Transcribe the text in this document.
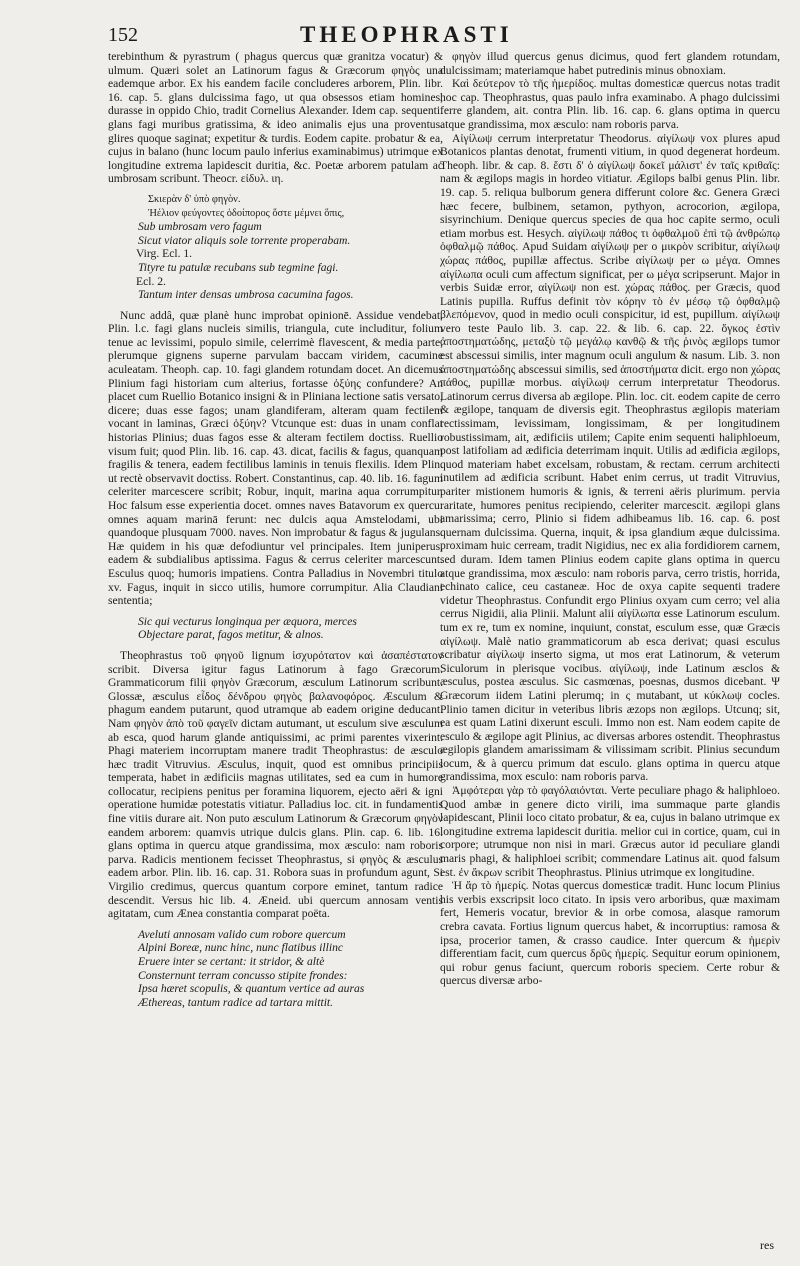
152	THEOPHRASTI

terebinthum & pyrastrum ( phagus quercus quæ granitza vocatur) & ulmum. Quæri solet an Latinorum fagus & Græcorum φηγὸς una eademque arbor. Ex his eandem facile concluderes arborem, Plin. libr. 16. cap. 5. glans dulcissima fago, ut qua obsessos etiam homines, durasse in oppido Chio, tradit Cornelius Alexander. Idem cap. sequenti. glans fagi muribus gratissima, & ideo animalis ejus una proventus. glires quoque saginat; expetitur & turdis. Eodem capite. probatur & ea, cujus in balano (hunc locum paulo inferius examinabimus) utrimque ex longitudine extrema lapidescit duritia, &c. Poetæ arborem patulam ac umbrosam scribunt. Theocr. εἰδυλ. ιη.

Σκιερὰν δ' ὑπὸ φηγὸν.

Ἠέλιον φεύγοντες ὁδοίπορος ὅστε μέμνει ὅπις,

Sub umbrosam vero fagum

Sicut viator aliquis sole torrente properabam.

Virg. Ecl. 1.

Tityre tu patulæ recubans sub tegmine fagi.

Ecl. 2.

Tantum inter densas umbrosa cacumina fagos.

Nunc addâ, quæ planè hunc improbat opinionē. Assidue vendebat. Plin. l.c. fagi glans nucleis similis, triangula, cute includitur, folium tenue ac levissimi, populo simile, celerrimè flavescent, & media parte, plerumque gignens superne parvulam baccam viridem, cacumine aculeatam. Theoph. cap. 10. fagi glandem rotundam docet. An dicemus Plinium fagi historiam cum alterius, fortasse ὀξύης confundere? An placet cum Ruellio Botanico insigni & in Pliniana lectione satis versato, dicere; duas esse fagos; unam glandiferam, alteram quam fectilem vocant in laminas, Græci ὀξύην? Vtcunque est: duas in unam conflat historias Plinius; duas fagos esse & alteram fectilem doctiss. Ruellio visum fuit; quod Plin. lib. 16. cap. 43. dicat, facilis & fagus, quanquam fragilis & tenera, eadem fectilibus laminis in tenuis flexilis. Idem Plin. ut rectè observavit doctiss. Robert. Constantinus, cap. 40. lib. 16. fagum celeriter marcescere scribit; Robur, inquit, marina aqua corrumpitur. Hoc falsum esse experientia docet. omnes naves Batavorum ex quercu: omnes aquam marinā ferunt: nec dulcis aqua Amstelodami, ubi quandoque plusquam 7000. naves. Non improbatur & fagus & jugulans. Hæ quidem in his quæ defodiuntur vel principales. Item juniperus, eadem & subdialibus aptissima. Fagus & cerrus celeriter marcescunt. Esculus quoq; humoris impatiens. Contra Palladius in Novembri titulo xv. Fagus, inquit in sicco utilis, humore corrumpitur. Alia Claudiani sententia;

Sic qui vecturus longinqua per æquora, merces

Objectare parat, fagos metitur, & alnos.

Theophrastus τοῦ φηγοῦ lignum ἰσχυρότατον καὶ ἀσαπέστατον scribit. Diversa igitur fagus Latinorum à fago Græcorum. Grammaticorum filii φηγὸν Græcorum, æsculum Latinorum scribunt. Glossæ, æsculus εἶδος δένδρου φηγὸς βαλανοφόρος. Æsculum & phagum eandem putarunt, quod utramque ab eadem origine deducant. Nam φηγὸν ἀπὸ τοῦ φαγεῖν dictam autumant, ut esculum sive æsculum ab esca, quod harum glande antiquissimi, ac primi parentes vixerint. Phagi materiem incorruptam manere tradit Theophrastus: de æsculo hæc tradit Vitruvius. Æsculus, inquit, quod est omnibus principiis temperata, habet in ædificiis magnas utilitates, sed ea cum in humore collocatur, recipiens penitus per foramina liquorem, ejecto aëri & igni operatione humidæ potestatis vitiatur. Palladius loc. cit. in fundamentis fine vitiis durare ait. Non puto æsculum Latinorum & Græcorum φηγὸν eandem arborem: quamvis utrique dulcis glans. Plin. cap. 6. lib. 16. glans optima in quercu atque grandissima, mox æsculo: nam roboris parva. Radicis mentionem fecisset Theophrastus, si φηγὸς & æsculus eadem arbor. Plin. lib. 16. cap. 31. Robora suas in profundum agunt, Si Virgilio credimus, quercus quantum corpore eminet, tantum radice descendit. Versus hic lib. 4. Æneid. ubi quercum annosam ventis agitatam, cum Ænea constantia comparat poëta.

Aveluti annosam valido cum robore quercum

Alpini Boreæ, nunc hinc, nunc flatibus illinc

Eruere inter se certant: it stridor, & altè

Consternunt terram concusso stipite frondes:

Ipsa hæret scopulis, & quantum vertice ad auras

Æthereas, tantum radice ad tartara mittit.

φηγὸν illud quercus genus dicimus, quod fert glandem rotundam, dulcissimam; materiamque habet putredinis minus obnoxiam.

Καὶ δεύτερον τὸ τῆς ἡμερίδος. multas domesticæ quercus notas tradit hoc cap. Theophrastus, quas paulo infra examinabo. A phago dulcissimi ferre glandem, ait. contra Plin. lib. 16. cap. 6. glans optima in quercu atque grandissima, mox æsculo: nam roboris parva.

Αἰγίλωψ cerrum interpretatur Theodorus. αἰγίλωψ vox plures apud Botanicos plantas denotat, frumenti vitium, in quod degenerat hordeum. Theoph. libr. & cap. 8. ἔστι δ' ὁ αἰγίλωψ δοκεῖ μάλιστ' ἐν ταῖς κριθαῖς: nam & ægilops magis in hordeo vitiatur. Ægilops balbi genus Plin. libr. 19. cap. 5. reliqua bulborum genera differunt colore &c. Genera Græci hæc fecere, bulbinem, setamon, pythyon, acrocorion, ægilopa, sisyrinchium. Denique quercus species de qua hoc capite sermo, oculi etiam morbus est. Hesych. αἰγίλωψ πάθος τι ὀφθαλμοῦ ἐπὶ τῷ ἀνθρώπῳ ὀφθαλμῷ πάθος. Apud Suidam αἰγίλωψ per ο μικρὸν scribitur, αἰγίλωψ χώρας πάθος, pupillæ affectus. Scribe αἰγίλωψ per ω μέγα. Omnes αἰγίλωπα oculi cum affectum significat, per ω μέγα scripserunt. Major in verbis Suidæ error, αἰγίλωψ non est. χώρας πάθος. per Græcis, quod Latinis pupilla. Ruffus definit τὸν κόρην τὸ ἐν μέσῳ τῷ ὀφθαλμῷ βλεπόμενον, quod in medio oculi conspicitur, id est, pupillum. αἰγίλωψ vero teste Paulo lib. 3. cap. 22. & lib. 6. cap. 22. ὄγκος ἐστὶν ἀποστηματώδης, μεταξὺ τῷ μεγάλῳ κανθῷ & τῆς ῥινὸς ægilops tumor est abscessui similis, inter magnum oculi angulum & nasum. Lib. 3. non ἀποστηματώδης abscessui similis, sed ἀποστήματα dicit. ergo non χώρας πάθος, pupillæ morbus. αἰγίλωψ cerrum interpretatur Theodorus. Latinorum cerrus diversa ab ægilope. Plin. loc. cit. eodem capite de cerro & ægilope, tanquam de diversis egit. Theophrastus ægilopis materiam rectissimam, levissimam, longissimam, & per longitudinem robustissimam, ait, ædificiis utilem; Capite enim sequenti haliphloeum, post latifoliam ad ædificia deterrimam inquit. Utilis ad ædificia ægilops, quod materiam habet excelsam, robustam, & rectam. cerrum architecti inutilem ad ædificia scribunt. Habet enim cerrus, ut tradit Vitruvius, pariter mistionem humoris & ignis, & terreni aëris plurimum. pervia raritate, humores penitus recipiendo, celeriter marcescit. ægilopi glans amarissima; cerro, Plinio si fidem adhibeamus lib. 16. cap. 6. post quernam dulcissima. Querna, inquit, & ipsa glandium æque dulcissima. proximam huic cerream, tradit Nigidius, nec ex alia fordidiorem carnem, sed duram. Idem tamen Plinius eodem capite glans optima in quercu atque grandissima, mox æsculo: nam roboris parva, cerro tristis, horrida, echinato calice, ceu castaneæ. Hoc de oxya capite sequenti tradere videtur Theophrastus. Confundit ergo Plinius oxyam cum cerro; vel alia cerrus Nigidii, alia Plinii. Malunt alii αἰγίλωπα esse Latinorum esculum. tum ex re, tum ex nomine, inquiunt, constat, esculum esse, quæ Græcis αἰγίλωψ. Malè natio grammaticorum ab esca derivat; quasi esculus scribatur αἰγίλωψ inserto sigma, ut mos erat Latinorum, & veterum Siculorum in plerisque vocibus. αἰγίλωψ, inde Latinum æsclos & æsculus, postea æsculus. Sic casmœnas, poesnas, dusmos dicebant. Ψ Græcorum iidem Latini plerumq; in ς mutabant, ut κύκλωψ cocles. Plinio tamen dicitur in veteribus libris æzops non ægilops. Utcunq; sit, ea est quam Latini dixerunt esculi. Immo non est. Nam eodem capite de esculo & ægilope agit Plinius, ac diversas arbores ostendit. Theophrastus ægilopis glandem amarissimam & vilissimam scribit. Plinius secundum locum, & à quercu primum dat esculo. glans optima in quercu atque grandissima, mox esculo: nam roboris parva.

Ἀμφότεραι γὰρ τὸ φαγόλαιόνται. Verte peculiare phago & haliphloeo. Quod ambæ in genere dicto virili, ima summaque parte glandis lapidescant, Plinii loco citato probatur, & ea, cujus in balano utrimque ex longitudine extrema lapidescit duritia. melior cui in cortice, quam, cui in corpore; utrumque non nisi in mari. Græcus autor id peculiare glandi maris phagi, & haliphloei scribit; commendare Latinus ait. quod falsum est. ἐν ἄκρων scribit Theophrastus. Plinius utrimque ex longitudine.

Ἡ ἄρ τὸ ἡμερίς. Notas quercus domesticæ tradit. Hunc locum Plinius his verbis exscripsit loco citato. In ipsis vero arboribus, quæ maximam fert, Hemeris vocatur, brevior & in orbe comosa, alasque ramorum crebra cavata. Fortius lignum quercus habet, & incorruptius: ramosa & ipsa, procerior tamen, & crasso caudice. Inter quercum & ἡμερὶν differentiam facit, cum quercus δρῦς ἡμερίς. Sequitur eorum opinionem, qui robur genus faciunt, quercum roboris speciem. Certe robur & quercus diversæ arbo-

res
